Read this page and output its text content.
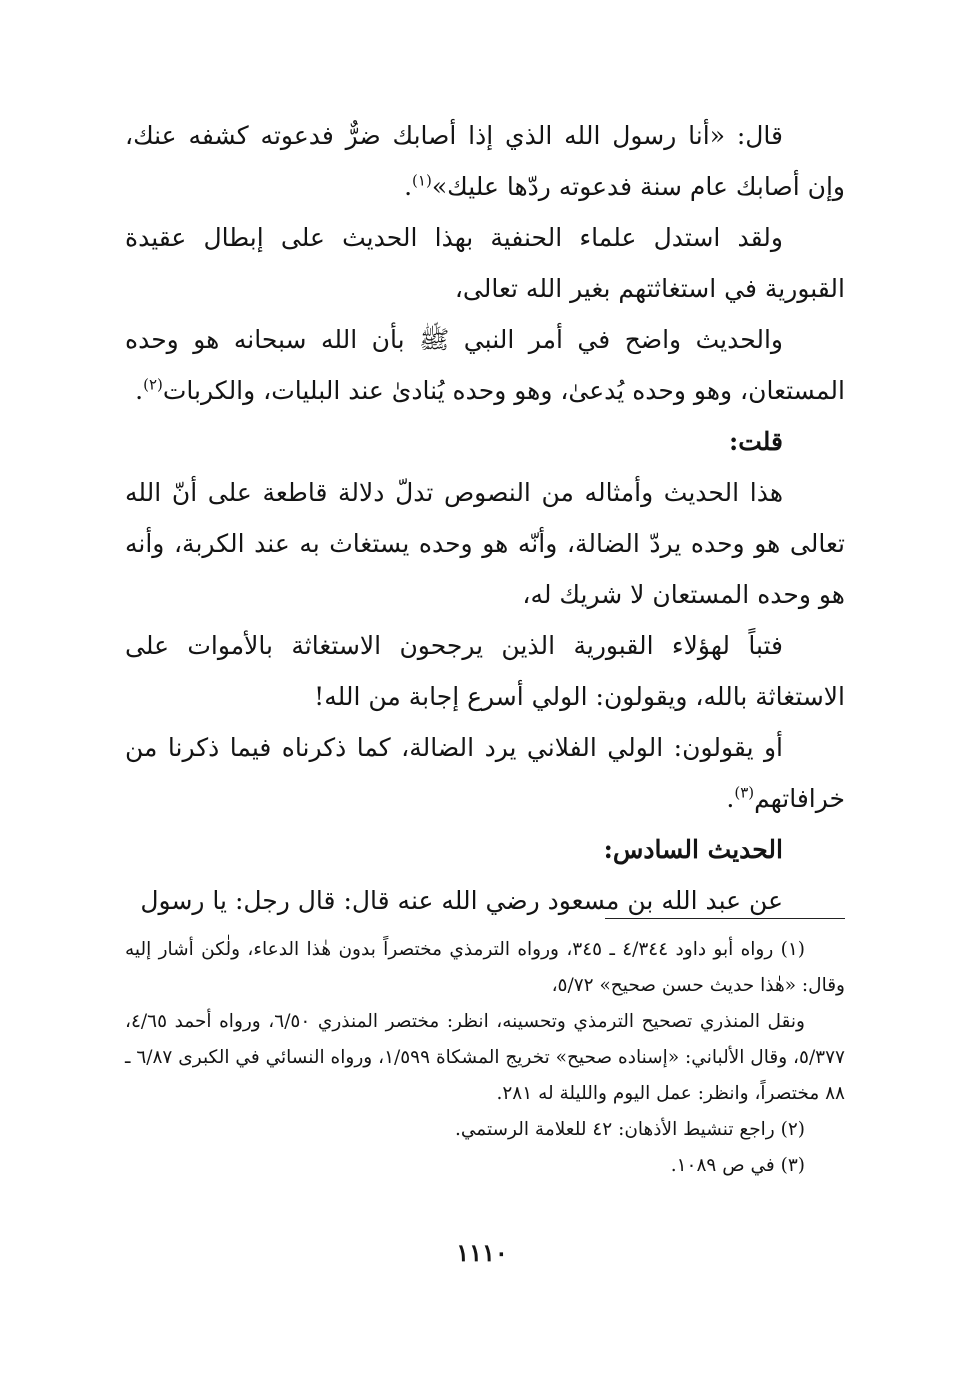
قال: «أنا رسول الله الذي إذا أصابك ضرٌّ فدعوته كشفه عنك، وإن أصابك عام سنة فدعوته ردّها عليك»$^{(١)}$.

ولقد استدل علماء الحنفية بهذا الحديث على إبطال عقيدة القبورية في استغاثتهم بغير الله تعالى،

والحديث واضح في أمر النبي ﷺ بأن الله سبحانه هو وحده المستعان، وهو وحده يُدعىٰ، وهو وحده يُنادىٰ عند البليات، والكربات$^{(٢)}$.

قلت:

هذا الحديث وأمثاله من النصوص تدلّ دلالة قاطعة على أنّ الله تعالى هو وحده يردّ الضالة، وأنّه هو وحده يستغاث به عند الكربة، وأنه هو وحده المستعان لا شريك له،

فتباً لهؤلاء القبورية الذين يرجحون الاستغاثة بالأموات على الاستغاثة بالله، ويقولون: الولي أسرع إجابة من الله!

أو يقولون: الولي الفلاني يرد الضالة، كما ذكرناه فيما ذكرنا من خرافاتهم$^{(٣)}$.

الحديث السادس:

عن عبد الله بن مسعود رضي الله عنه قال: قال رجل: يا رسول

(١) رواه أبو داود ٤/٣٤٤ ـ ٣٤٥، ورواه الترمذي مختصراً بدون هٰذا الدعاء، ولٰكن أشار إليه وقال: «هٰذا حديث حسن صحيح» ٥/٧٢،

ونقل المنذري تصحيح الترمذي وتحسينه، انظر: مختصر المنذري ٦/٥٠، ورواه أحمد ٤/٦٥، ٥/٣٧٧، وقال الألباني: «إسناده صحيح» تخريج المشكاة ١/٥٩٩، ورواه النسائي في الكبرى ٦/٨٧ ـ ٨٨ مختصراً، وانظر: عمل اليوم والليلة له ٢٨١.

(٢) راجع تنشيط الأذهان: ٤٢ للعلامة الرستمي.

(٣) في ص ١٠٨٩.

١١١٠
